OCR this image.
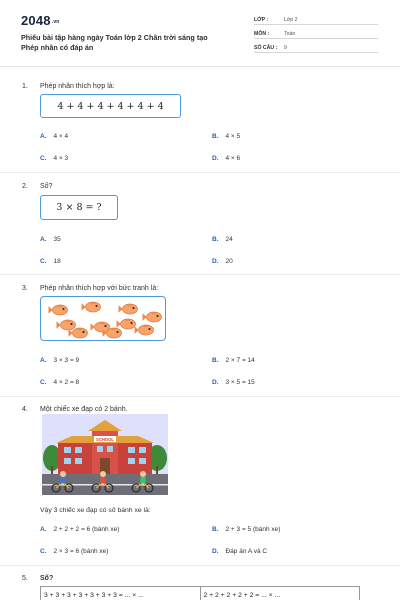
2048.vn
Phiếu bài tập hàng ngày Toán lớp 2 Chân trời sáng tạo
Phép nhân có đáp án
LỚP :	Lớp 2
MÔN :	Toán
SỐ CÂU : 9
1. Phép nhân thích hợp là:
4 + 4 + 4 + 4 + 4 + 4
A. 4 × 4	B. 4 × 5
C. 4 × 3	D. 4 × 6
2. Số?
3 × 8 = ?
A. 35	B. 24
C. 18	D. 20
3. Phép nhân thích hợp với bức tranh là:
A. 3 × 3 = 9	B. 2 × 7 = 14
C. 4 × 2 = 8	D. 3 × 5 = 15
4. Một chiếc xe đạp có 2 bánh.
SCHOOL
Vậy 3 chiếc xe đạp có số bánh xe là:
A. 2 + 2 + 2 = 6 (bánh xe)	B. 2 + 3 = 5 (bánh xe)
C. 2 × 3 = 6 (bánh xe)	D. Đáp án A và C
5. Số?
3 + 3 + 3 + 3 + 3 + 3 + 3 = ... × ...	2 + 2 + 2 + 2 + 2 = ... × ...
